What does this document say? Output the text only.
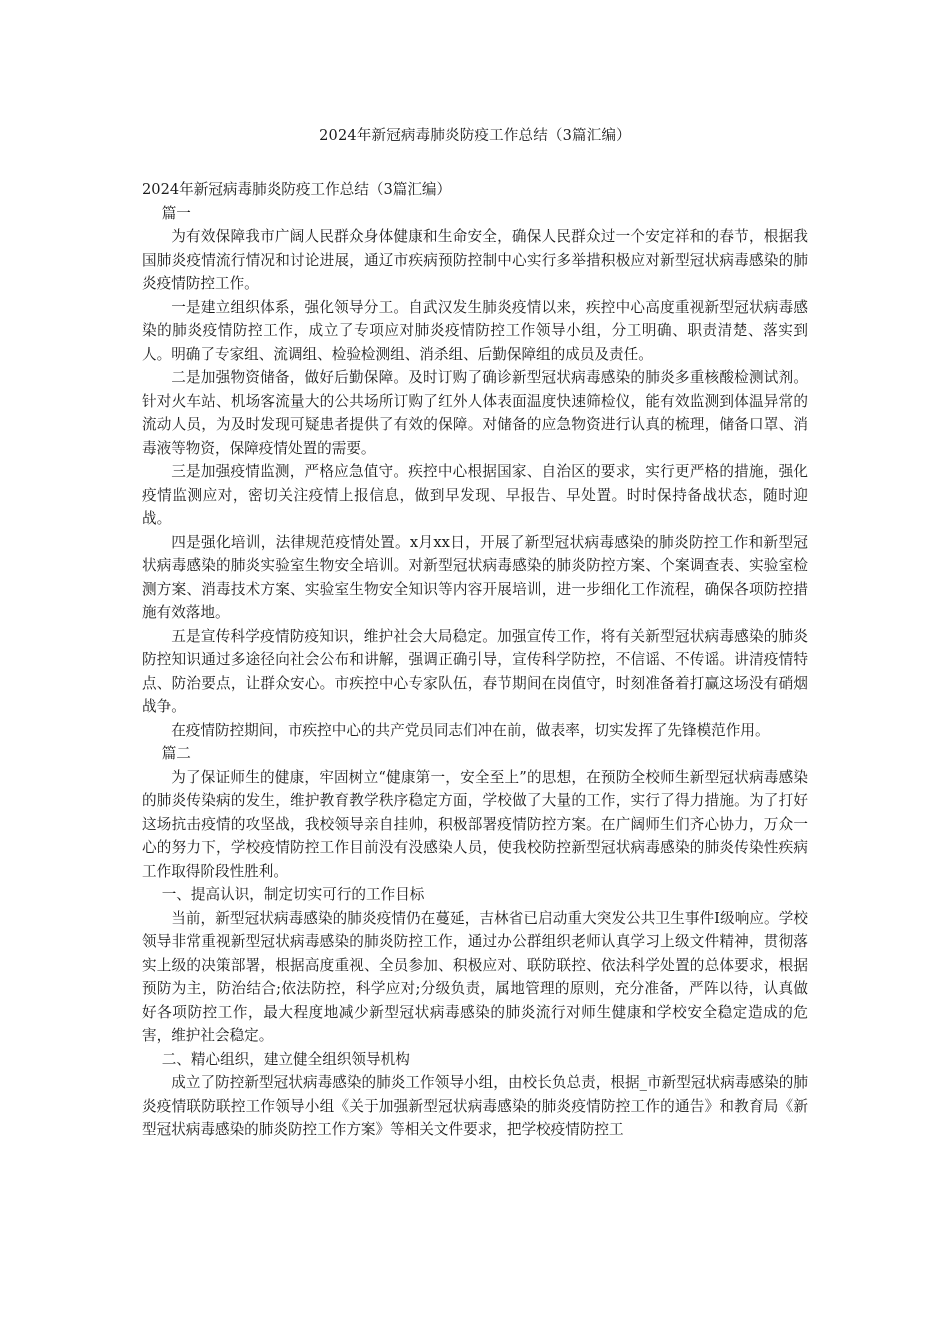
2024年新冠病毒肺炎防疫工作总结（3篇汇编）

2024年新冠病毒肺炎防疫工作总结（3篇汇编）

篇一

为有效保障我市广阔人民群众身体健康和生命安全，确保人民群众过一个安定祥和的春节，根据我国肺炎疫情流行情况和讨论进展，通辽市疾病预防控制中心实行多举措积极应对新型冠状病毒感染的肺炎疫情防控工作。

一是建立组织体系，强化领导分工。自武汉发生肺炎疫情以来，疾控中心高度重视新型冠状病毒感染的肺炎疫情防控工作，成立了专项应对肺炎疫情防控工作领导小组，分工明确、职责清楚、落实到人。明确了专家组、流调组、检验检测组、消杀组、后勤保障组的成员及责任。

二是加强物资储备，做好后勤保障。及时订购了确诊新型冠状病毒感染的肺炎多重核酸检测试剂。针对火车站、机场客流量大的公共场所订购了红外人体表面温度快速筛检仪，能有效监测到体温异常的流动人员，为及时发现可疑患者提供了有效的保障。对储备的应急物资进行认真的梳理，储备口罩、消毒液等物资，保障疫情处置的需要。

三是加强疫情监测，严格应急值守。疾控中心根据国家、自治区的要求，实行更严格的措施，强化疫情监测应对，密切关注疫情上报信息，做到早发现、早报告、早处置。时时保持备战状态，随时迎战。

四是强化培训，法律规范疫情处置。x月xx日，开展了新型冠状病毒感染的肺炎防控工作和新型冠状病毒感染的肺炎实验室生物安全培训。对新型冠状病毒感染的肺炎防控方案、个案调查表、实验室检测方案、消毒技术方案、实验室生物安全知识等内容开展培训，进一步细化工作流程，确保各项防控措施有效落地。

五是宣传科学疫情防疫知识，维护社会大局稳定。加强宣传工作，将有关新型冠状病毒感染的肺炎防控知识通过多途径向社会公布和讲解，强调正确引导，宣传科学防控，不信谣、不传谣。讲清疫情特点、防治要点，让群众安心。市疾控中心专家队伍，春节期间在岗值守，时刻准备着打赢这场没有硝烟战争。

在疫情防控期间，市疾控中心的共产党员同志们冲在前，做表率，切实发挥了先锋模范作用。

篇二

为了保证师生的健康，牢固树立“健康第一，安全至上”的思想，在预防全校师生新型冠状病毒感染的肺炎传染病的发生，维护教育教学秩序稳定方面，学校做了大量的工作，实行了得力措施。为了打好这场抗击疫情的攻坚战，我校领导亲自挂帅，积极部署疫情防控方案。在广阔师生们齐心协力，万众一心的努力下，学校疫情防控工作目前没有没感染人员，使我校防控新型冠状病毒感染的肺炎传染性疾病工作取得阶段性胜利。

一、提高认识，制定切实可行的工作目标

当前，新型冠状病毒感染的肺炎疫情仍在蔓延，吉林省已启动重大突发公共卫生事件Ⅰ级响应。学校领导非常重视新型冠状病毒感染的肺炎防控工作，通过办公群组织老师认真学习上级文件精神，贯彻落实上级的决策部署，根据高度重视、全员参加、积极应对、联防联控、依法科学处置的总体要求，根据预防为主，防治结合;依法防控，科学应对;分级负责，属地管理的原则，充分准备，严阵以待，认真做好各项防控工作，最大程度地减少新型冠状病毒感染的肺炎流行对师生健康和学校安全稳定造成的危害，维护社会稳定。

二、精心组织，建立健全组织领导机构

成立了防控新型冠状病毒感染的肺炎工作领导小组，由校长负总责，根据_市新型冠状病毒感染的肺炎疫情联防联控工作领导小组《关于加强新型冠状病毒感染的肺炎疫情防控工作的通告》和教育局《新型冠状病毒感染的肺炎防控工作方案》等相关文件要求，把学校疫情防控工
